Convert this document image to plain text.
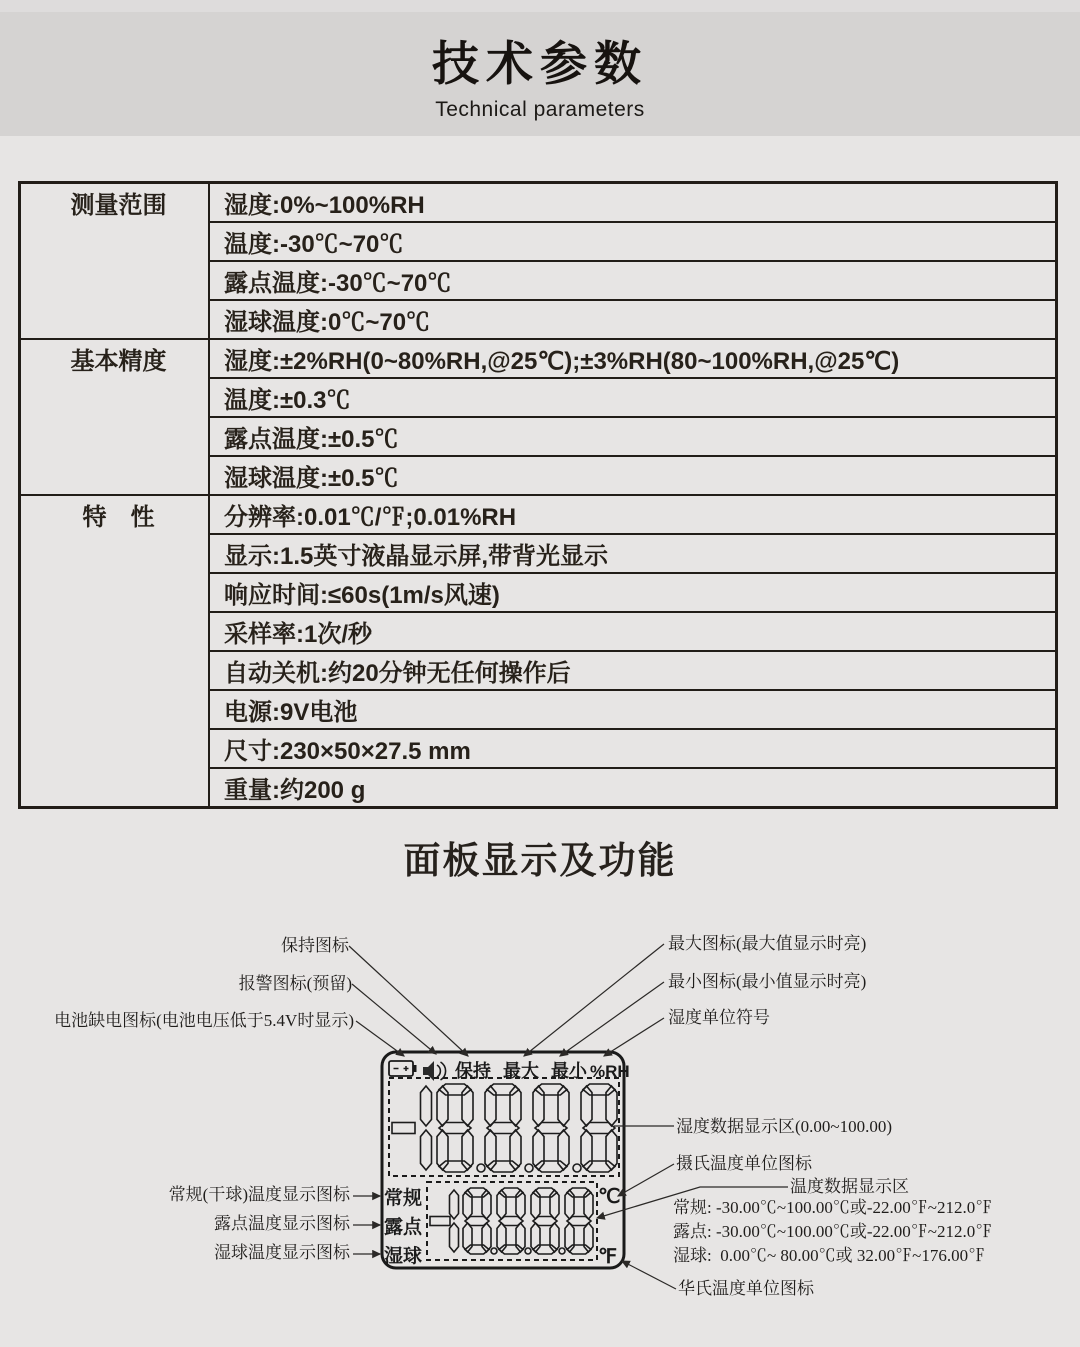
技术参数

Technical parameters

测量范围	湿度:0%~100%RH
	温度:-30℃~70℃
	露点温度:-30℃~70℃
	湿球温度:0℃~70℃
基本精度	湿度:±2%RH(0~80%RH,@25℃);±3%RH(80~100%RH,@25℃)
	温度:±0.3℃
	露点温度:±0.5℃
	湿球温度:±0.5℃
特　性	分辨率:0.01℃/℉;0.01%RH
	显示:1.5英寸液晶显示屏,带背光显示
	响应时间:≤60s(1m/s风速)
	采样率:1次/秒
	自动关机:约20分钟无任何操作后
	电源:9V电池
	尺寸:230×50×27.5 mm
	重量:约200 g
面板显示及功能
保持 最大 最小 %RH
常规
露点
湿球
℃
℉
保持图标
报警图标(预留)
电池缺电图标(电池电压低于5.4V时显示)
常规(干球)温度显示图标
露点温度显示图标
湿球温度显示图标
最大图标(最大值显示时亮)
最小图标(最小值显示时亮)
湿度单位符号
湿度数据显示区(0.00~100.00)
摄氏温度单位图标
温度数据显示区
常规: -30.00℃~100.00℃或-22.00℉~212.0℉
露点: -30.00℃~100.00℃或-22.00℉~212.0℉
湿球:  0.00℃~ 80.00℃或 32.00℉~176.00℉
华氏温度单位图标
